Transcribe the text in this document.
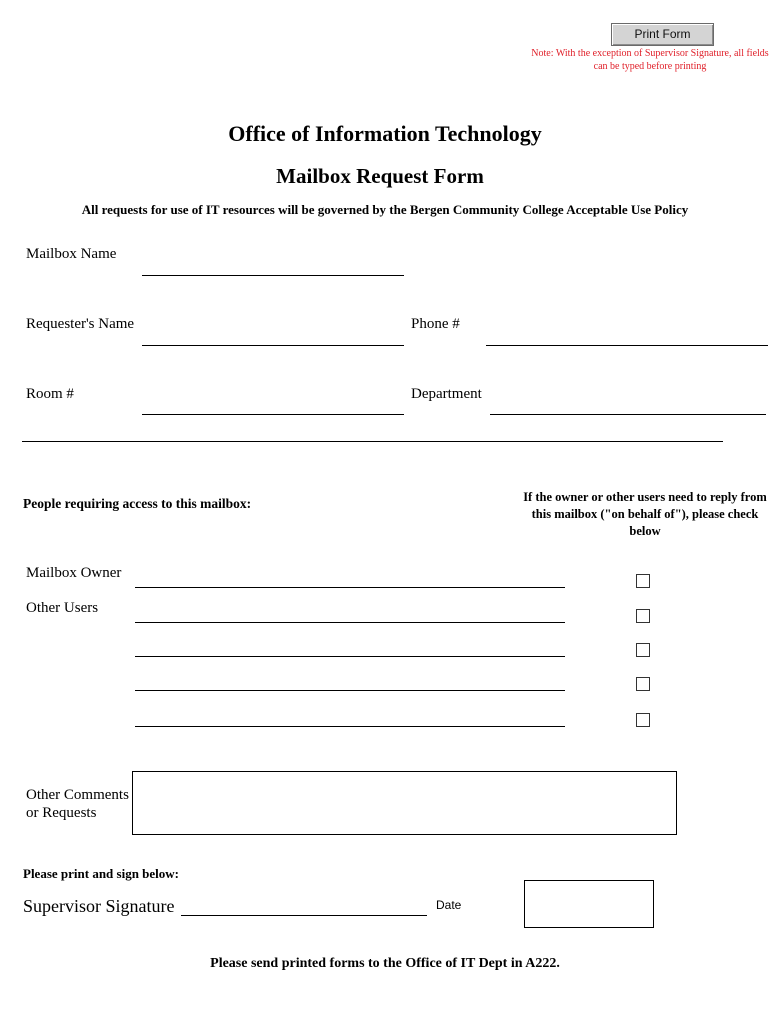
Print Form
Note: With the exception of Supervisor Signature, all fields can be typed before printing
Office of Information Technology
Mailbox Request Form
All requests for use of IT resources will be governed by the Bergen Community College Acceptable Use Policy
Mailbox Name
Requester's Name	Phone #
Room #	Department
People requiring access to this mailbox:	If the owner or other users need to reply from this mailbox ("on behalf of"), please check below
Mailbox Owner
Other Users
Other Comments
or Requests
Please print and sign below:
Supervisor Signature	Date
Please send printed forms to the Office of IT Dept in A222.
